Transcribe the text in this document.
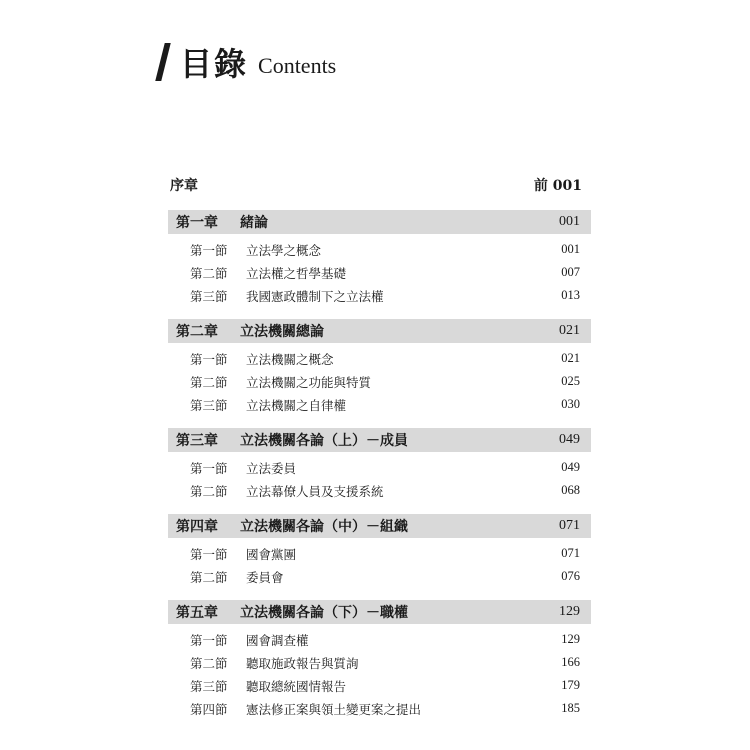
目錄 Contents
序章	前 001
第一章	緒論	001
第一節	立法學之概念	001
第二節	立法權之哲學基礎	007
第三節	我國憲政體制下之立法權	013
第二章	立法機關總論	021
第一節	立法機關之概念	021
第二節	立法機關之功能與特質	025
第三節	立法機關之自律權	030
第三章	立法機關各論（上）－成員	049
第一節	立法委員	049
第二節	立法幕僚人員及支援系統	068
第四章	立法機關各論（中）－組織	071
第一節	國會黨團	071
第二節	委員會	076
第五章	立法機關各論（下）－職權	129
第一節	國會調查權	129
第二節	聽取施政報告與質詢	166
第三節	聽取總統國情報告	179
第四節	憲法修正案與領土變更案之提出	185
